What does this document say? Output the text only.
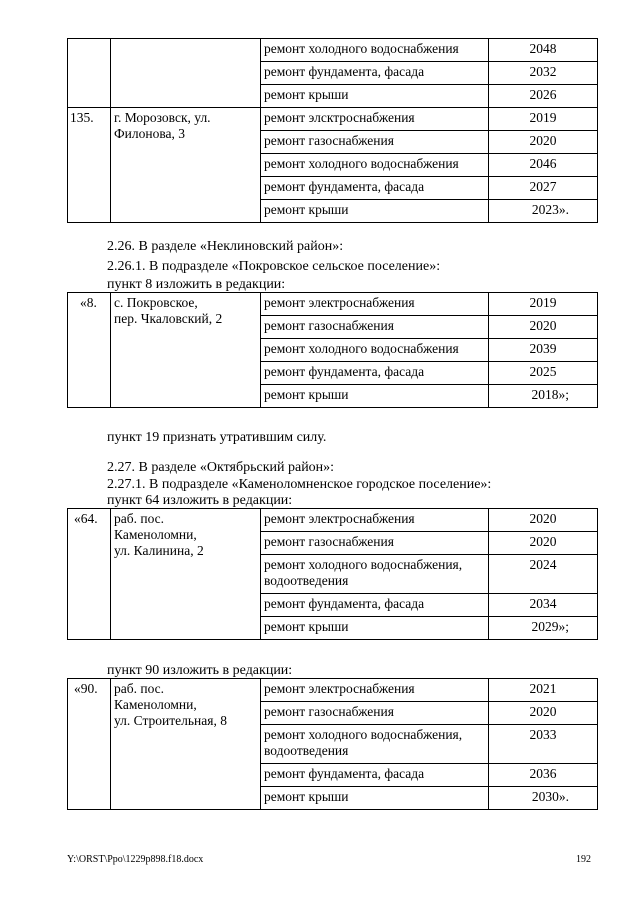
		ремонт холодного водоснабжения	2048
		ремонт фундамента, фасада	2032
		ремонт крыши	2026
135.	г. Морозовск, ул. Филонова, 3	ремонт элсктроснабжения	2019
		ремонт газоснабжения	2020
		ремонт холодного водоснабжения	2046
		ремонт фундамента, фасада	2027
		ремонт крыши	2023».
2.26. В разделе «Неклиновский район»:
2.26.1. В подразделе «Покровское сельское поселение»:
пункт 8 изложить в редакции:
«8.	с. Покровское,
пер. Чкаловский, 2	ремонт электроснабжения	2019
		ремонт газоснабжения	2020
		ремонт холодного водоснабжения	2039
		ремонт фундамента, фасада	2025
		ремонт крыши	2018»;
пункт 19 признать утратившим силу.
2.27. В разделе «Октябрьский район»:
2.27.1. В подразделе «Каменоломненское городское поселение»:
пункт 64 изложить в редакции:
«64.	раб. пос.
Каменоломни,
ул. Калинина, 2	ремонт электроснабжения	2020
		ремонт газоснабжения	2020
		ремонт холодного водоснабжения, водоотведения	2024
		ремонт фундамента, фасада	2034
		ремонт крыши	2029»;
пункт 90 изложить в редакции:
«90.	раб. пос.
Каменоломни,
ул. Строительная, 8	ремонт электроснабжения	2021
		ремонт газоснабжения	2020
		ремонт холодного водоснабжения, водоотведения	2033
		ремонт фундамента, фасада	2036
		ремонт крыши	2030».
Y:\ORST\Ppo\1229p898.f18.docx	192
